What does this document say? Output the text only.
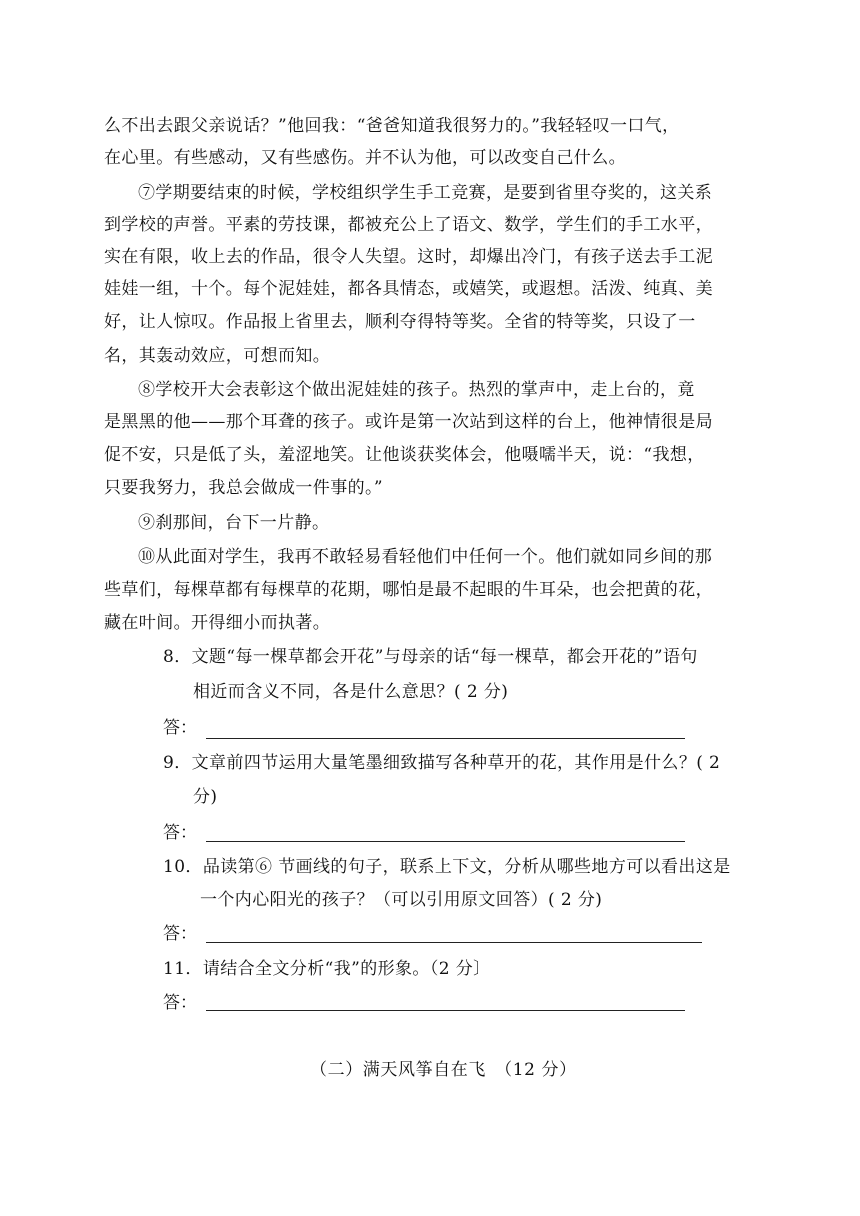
么不出去跟父亲说话？”他回我：“爸爸知道我很努力的。”我轻轻叹一口气，
在心里。有些感动，又有些感伤。并不认为他，可以改变自己什么。
⑦学期要结束的时候，学校组织学生手工竞赛，是要到省里夺奖的，这关系
到学校的声誉。平素的劳技课，都被充公上了语文、数学，学生们的手工水平，
实在有限，收上去的作品，很令人失望。这时，却爆出冷门，有孩子送去手工泥
娃娃一组，十个。每个泥娃娃，都各具情态，或嬉笑，或遐想。活泼、纯真、美
好，让人惊叹。作品报上省里去，顺利夺得特等奖。全省的特等奖，只设了一
名，其轰动效应，可想而知。
⑧学校开大会表彰这个做出泥娃娃的孩子。热烈的掌声中，走上台的，竟
是黑黑的他——那个耳聋的孩子。或许是第一次站到这样的台上，他神情很是局
促不安，只是低了头，羞涩地笑。让他谈获奖体会，他嗫嚅半天，说：“我想，
只要我努力，我总会做成一件事的。”
⑨刹那间，台下一片静。
⑩从此面对学生，我再不敢轻易看轻他们中任何一个。他们就如同乡间的那
些草们，每棵草都有每棵草的花期，哪怕是最不起眼的牛耳朵，也会把黄的花，
藏在叶间。开得细小而执著。
8．文题“每一棵草都会开花”与母亲的话“每一棵草，都会开花的”语句
相近而含义不同，各是什么意思？( 2 分)
答：
9．文章前四节运用大量笔墨细致描写各种草开的花，其作用是什么？( 2
分)
答：
10．品读第⑥ 节画线的句子，联系上下文，分析从哪些地方可以看出这是
一个内心阳光的孩子？（可以引用原文回答）( 2 分)
答：
11．请结合全文分析“我”的形象。（2 分〕
答：
（二）满天风筝自在飞　（12 分）
